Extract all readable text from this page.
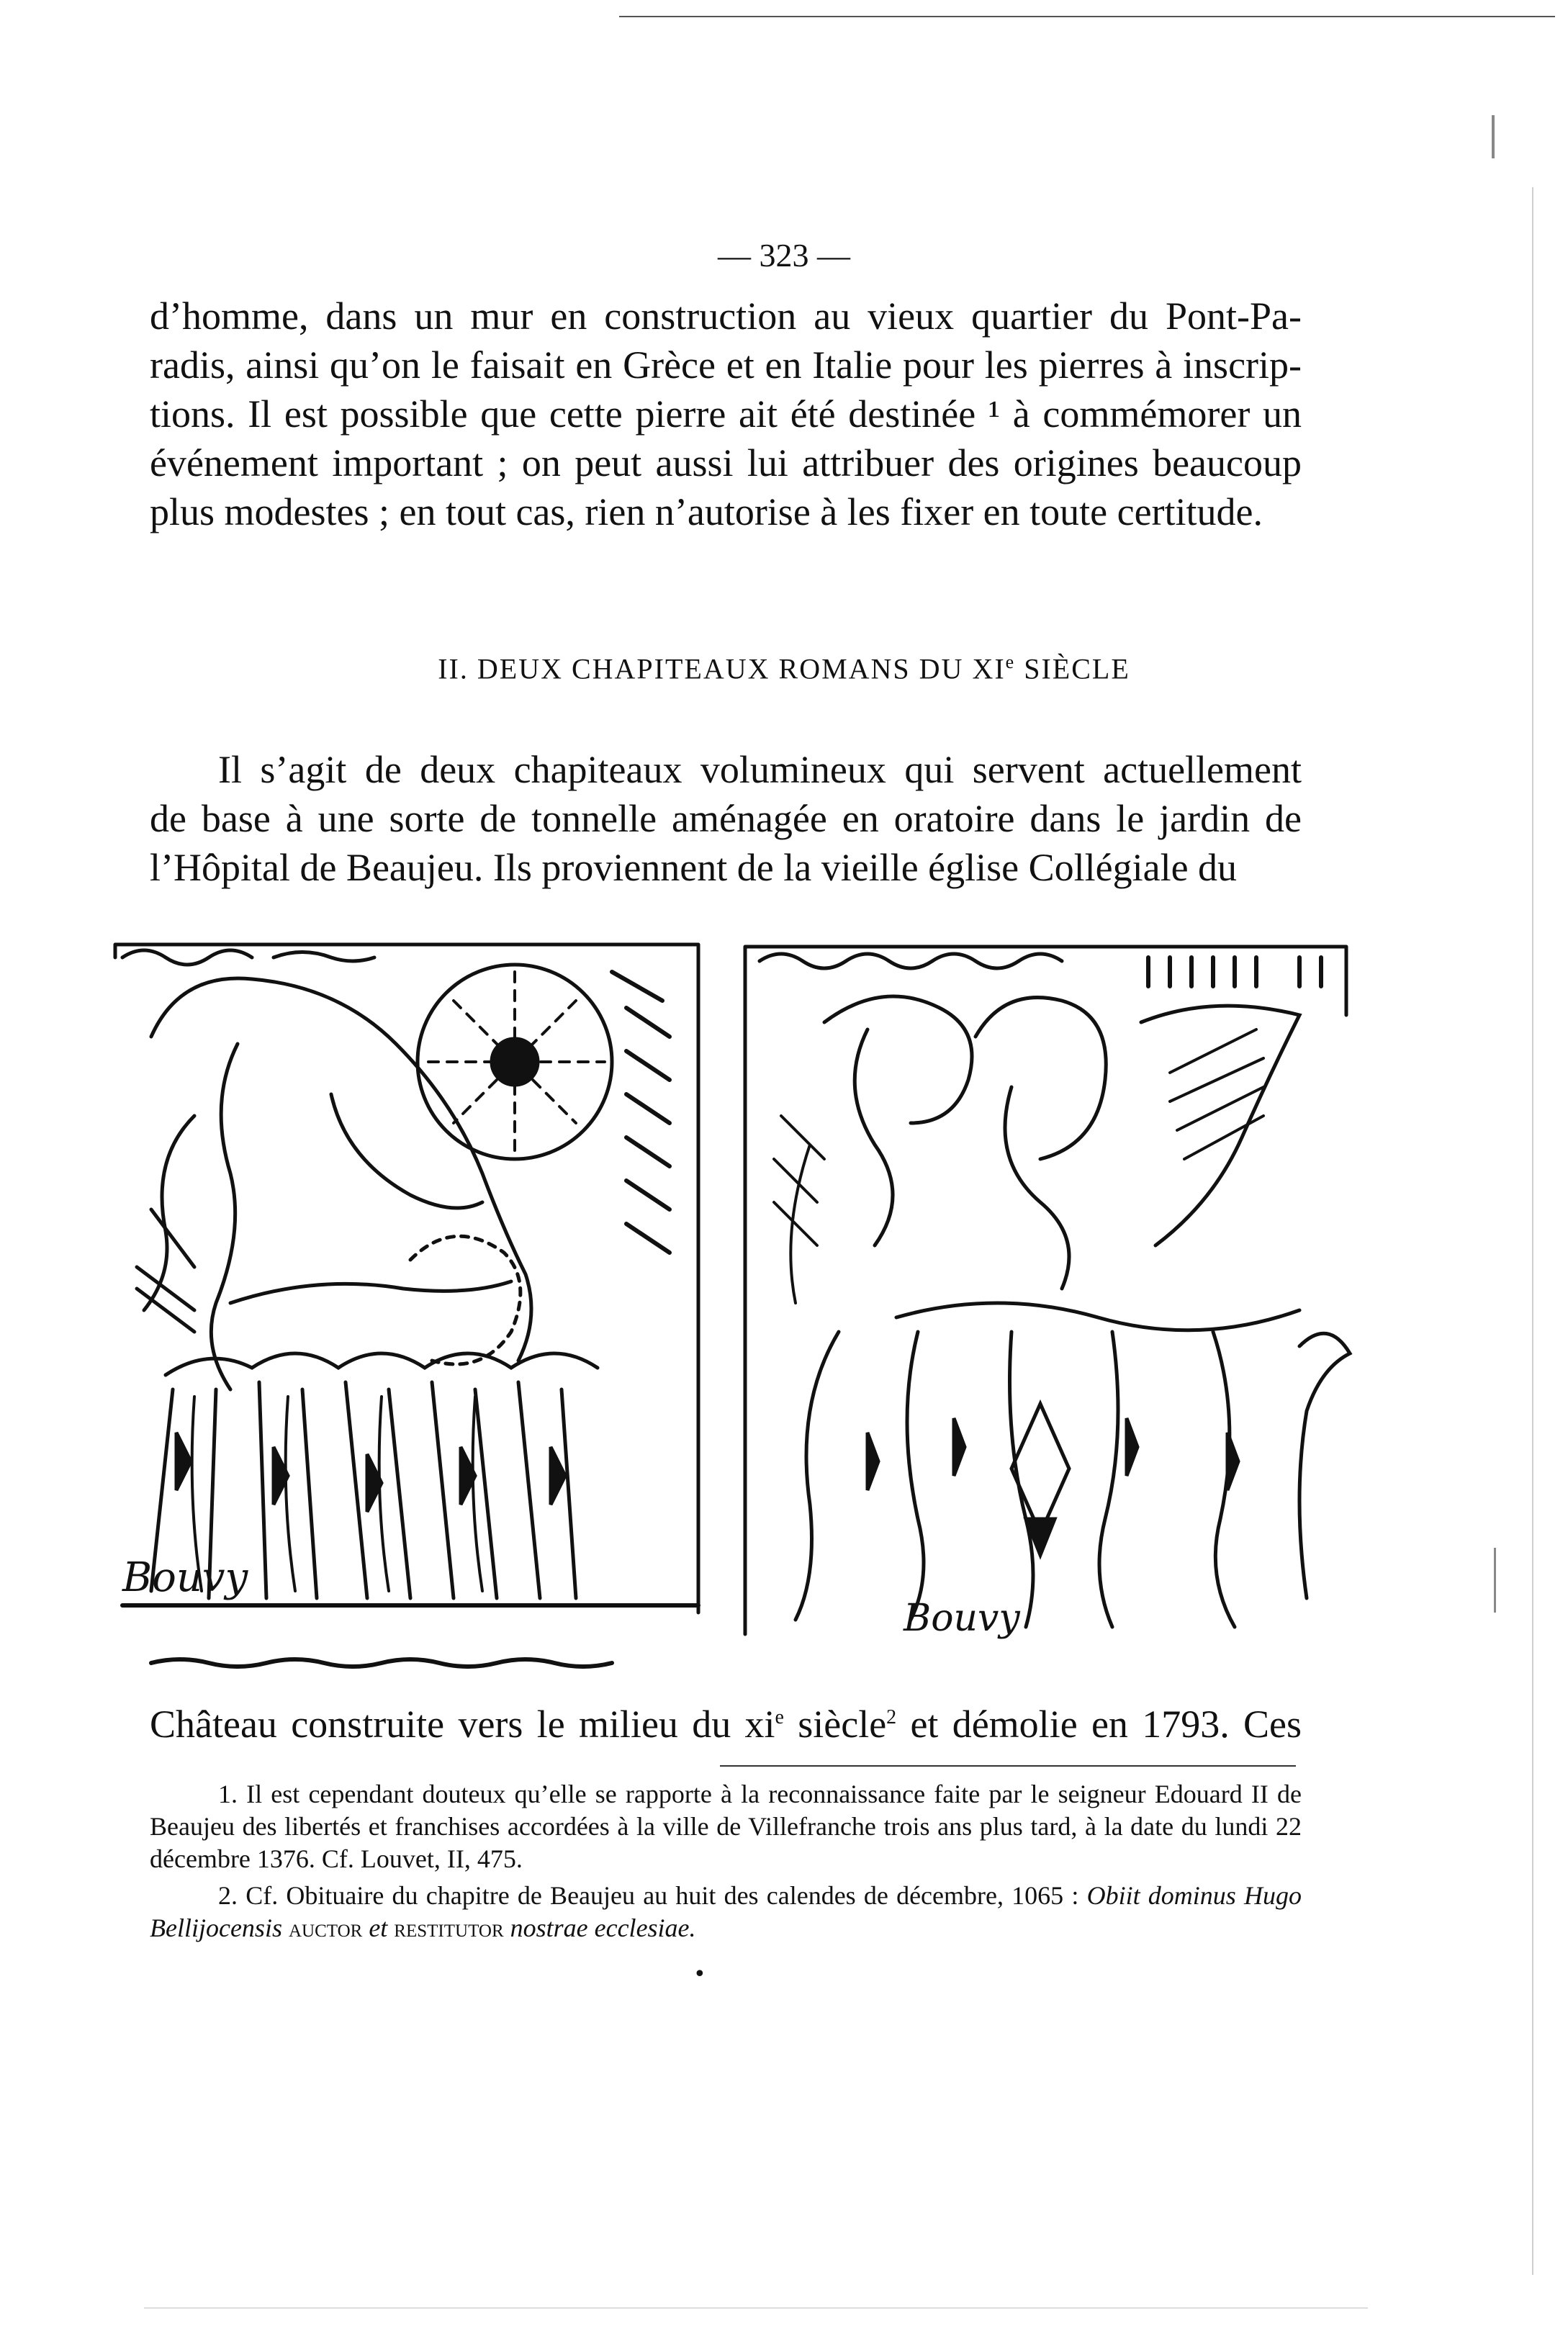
— 323 —
d’homme, dans un mur en construction au vieux quartier du Pont-Pa-
radis, ainsi qu’on le faisait en Grèce et en Italie pour les pierres à inscrip-
tions. Il est possible que cette pierre ait été destinée ¹ à commémorer un
événement important ; on peut aussi lui attribuer des origines beaucoup
plus modestes ; en tout cas, rien n’autorise à les fixer en toute certitude.
II. DEUX CHAPITEAUX ROMANS DU XIe SIÈCLE
Il s’agit de deux chapiteaux volumineux qui servent actuellement
de base à une sorte de tonnelle aménagée en oratoire dans le jardin de
l’Hôpital de Beaujeu. Ils proviennent de la vieille église Collégiale du
Bouvy
Bouvy
Château construite vers le milieu du $xi^e$ siècle$^2$ et démolie en 1793. Ces

1. Il est cependant douteux qu’elle se rapporte à la reconnaissance faite par le seigneur Edouard II de Beaujeu des libertés et franchises accordées à la ville de Villefranche trois ans plus tard, à la date du lundi 22 décembre 1376. Cf. Louvet, II, 475.

2. Cf. Obituaire du chapitre de Beaujeu au huit des calendes de décembre, 1065 : Obiit dominus Hugo Bellijocensis auctor et restitutor nostrae ecclesiae.

•
